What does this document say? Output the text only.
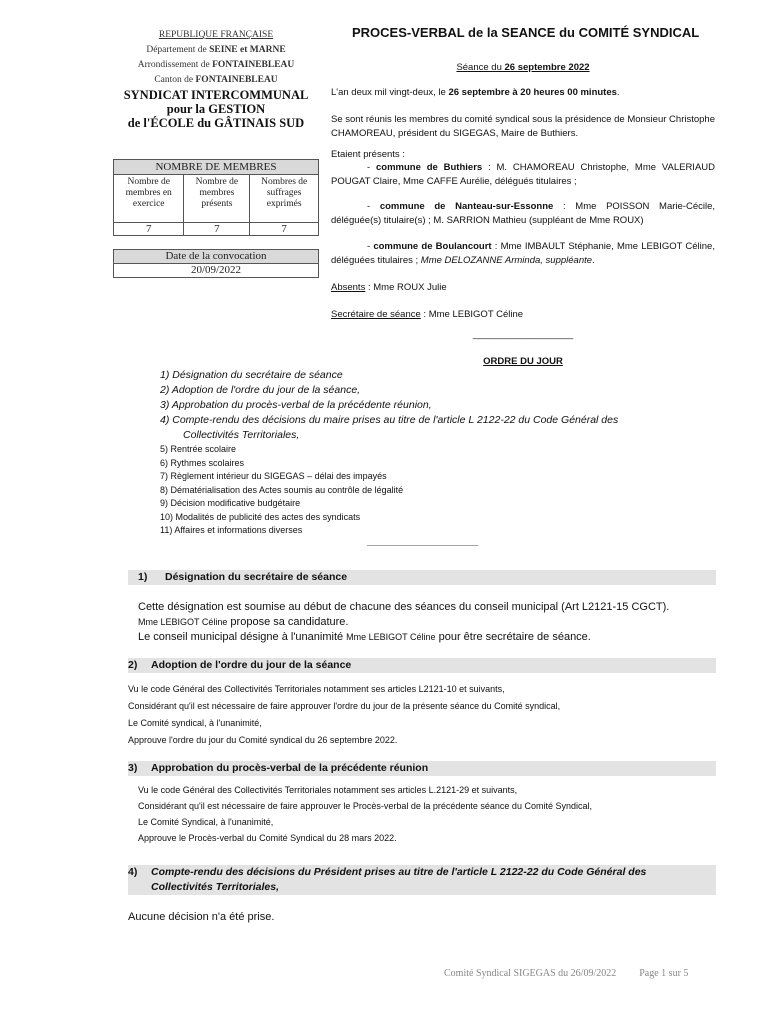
REPUBLIQUE FRANÇAISE
Département de SEINE et MARNE
Arrondissement de FONTAINEBLEAU
Canton de FONTAINEBLEAU
SYNDICAT INTERCOMMUNAL
pour la GESTION
de l'ÉCOLE du GÂTINAIS SUD
NOMBRE DE MEMBRES		
Nombre de membres en exercice	Nombre de membres présents	Nombres de suffrages exprimés
7	7	7
Date de la convocation
20/09/2022
PROCES-VERBAL de la SEANCE du COMITÉ SYNDICAL
Séance du 26 septembre 2022
L'an deux mil vingt-deux, le 26 septembre à 20 heures 00 minutes.
Se sont réunis les membres du comité syndical sous la présidence de Monsieur Christophe CHAMOREAU, président du SIGEGAS, Maire de Buthiers.
Etaient présents :
- commune de Buthiers : M. CHAMOREAU Christophe, Mme VALERIAUD POUGAT Claire, Mme CAFFE Aurélie, délégués titulaires ;
- commune de Nanteau-sur-Essonne : Mme POISSON Marie-Cécile, déléguée(s) titulaire(s) ; M. SARRION Mathieu (suppléant de Mme ROUX)
- commune de Boulancourt : Mme IMBAULT Stéphanie, Mme LEBIGOT Céline, déléguées titulaires ; Mme DELOZANNE Arminda, suppléante.
Absents : Mme ROUX Julie
Secrétaire de séance : Mme LEBIGOT Céline
___________________
ORDRE DU JOUR
1) Désignation du secrétaire de séance
2) Adoption de l'ordre du jour de la séance,
3) Approbation du procès-verbal de la précédente réunion,
4) Compte-rendu des décisions du maire prises au titre de l'article L 2122-22 du Code Général des
Collectivités Territoriales,
5) Rentrée scolaire
6) Rythmes scolaires
7) Règlement intérieur du SIGEGAS – délai des impayés
8) Dématérialisation des Actes soumis au contrôle de légalité
9) Décision modificative budgétaire
10) Modalités de publicité des actes des syndicats
11) Affaires et informations diverses
____________________
1) Désignation du secrétaire de séance
Cette désignation est soumise au début de chacune des séances du conseil municipal (Art L2121-15 CGCT).
Mme LEBIGOT Céline propose sa candidature.
Le conseil municipal désigne à l'unanimité Mme LEBIGOT Céline pour être secrétaire de séance.
2) Adoption de l'ordre du jour de la séance
Vu le code Général des Collectivités Territoriales notamment ses articles L2121-10 et suivants,
Considérant qu'il est nécessaire de faire approuver l'ordre du jour de la présente séance du Comité syndical,
Le Comité syndical, à l'unanimité,
Approuve l'ordre du jour du Comité syndical du 26 septembre 2022.
3) Approbation du procès-verbal de la précédente réunion
Vu le code Général des Collectivités Territoriales notamment ses articles L.2121-29 et suivants,
Considérant qu'il est nécessaire de faire approuver le Procès-verbal de la précédente séance du Comité Syndical,
Le Comité Syndical, à l'unanimité,
Approuve le Procès-verbal du Comité Syndical du 28 mars 2022.
4) Compte-rendu des décisions du Président prises au titre de l'article L 2122-22 du Code Général des
Collectivités Territoriales,
Aucune décision n'a été prise.
Comité Syndical SIGEGAS du 26/09/2022 Page 1 sur 5
